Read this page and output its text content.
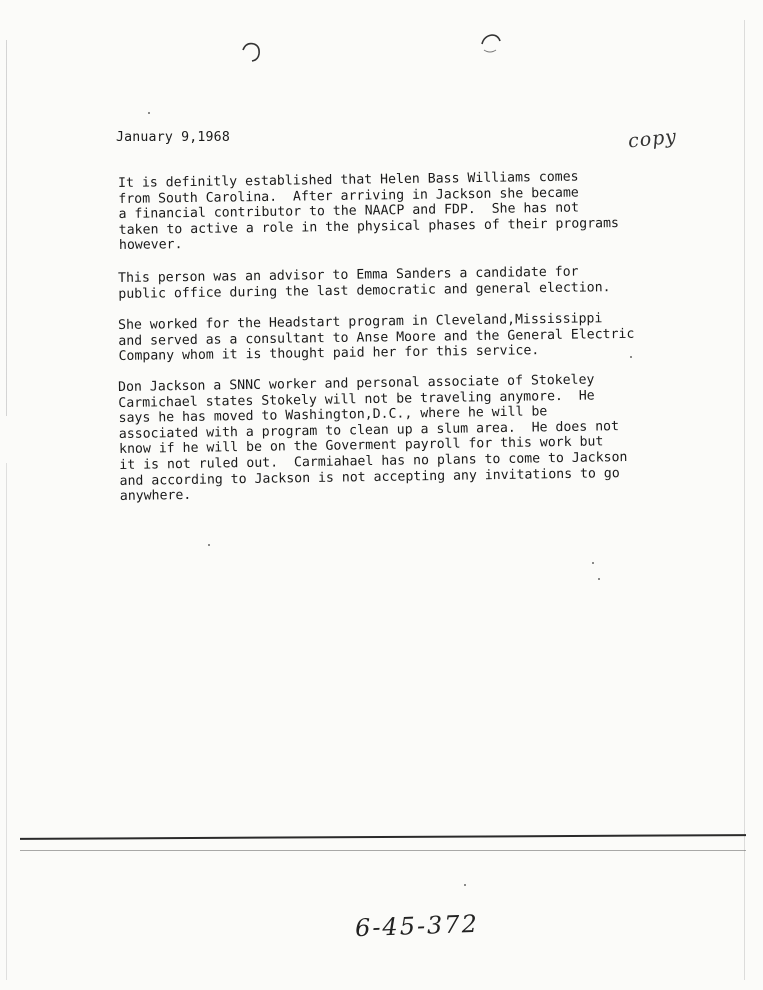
January 9,1968	copy
It is definitly established that Helen Bass Williams comes
from South Carolina.  After arriving in Jackson she became
a financial contributor to the NAACP and FDP.  She has not
taken to active a role in the physical phases of their programs
however.
This person was an advisor to Emma Sanders a candidate for
public office during the last democratic and general election.
She worked for the Headstart program in Cleveland,Mississippi
and served as a consultant to Anse Moore and the General Electric
Company whom it is thought paid her for this service.
Don Jackson a SNNC worker and personal associate of Stokeley
Carmichael states Stokely will not be traveling anymore.  He
says he has moved to Washington,D.C., where he will be
associated with a program to clean up a slum area.  He does not
know if he will be on the Goverment payroll for this work but
it is not ruled out.  Carmiahael has no plans to come to Jackson
and according to Jackson is not accepting any invitations to go
anywhere.
6-45-372
